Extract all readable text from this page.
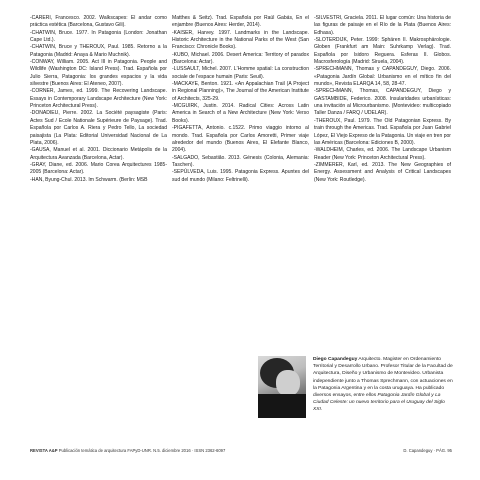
-CARERI, Francesco. 2002. Walkscapes: El andar como práctica estética (Barcelona, Gustavo Gili).

-CHATWIN, Bruce. 1977. In Patagonia (London: Jonathan Cape Ltd.).

-CHATWIN, Bruce y THEROUX, Paul. 1985. Retorno a la Patagonia (Madrid: Anaya & Mario Muchnik).

-CONWAY, William. 2005. Act III in Patagonia. People and Wildlife (Washington DC: Island Press). Trad. Española por Julio Sierra, Patagonia: los grandes espacios y la vida silvestre (Buenos Aires: El Ateneo, 2007).

-CORNER, James, ed. 1999. The Recovering Landscape. Essays in Contemporary Landscape Architecture (New York: Princeton Architectural Press).

-DONADIEU, Pierre. 2002. La Société paysagiste (Paris: Actes Sud / Ecole Nationale Supérieure de Paysage). Trad. Española por Carlos A. Riera y Pedro Tello, La sociedad paisajista (La Plata: Editorial Universidad Nacional de La Plata, 2006).

-GAUSA, Manuel et al. 2001. Diccionario Metápolis de la Arquitectura Avanzada (Barcelona, Actar).

-GRAY, Diane, ed. 2006. Mario Corea Arquitectures 1985-2005 (Barcelona: Actar).

-HAN, Byung-Chul. 2013. Im Schwarm. (Berlin: MSB

Matthes & Seitz). Trad. Española por Raúl Gabás, En el enjambre (Buenos Aires: Herder, 2014).

-KAISER, Harvey. 1997. Landmarks in the Landscape. Historic Architecture in the National Parks of the West (San Francisco: Chronicle Books).

-KUBO, Michael. 2006. Desert America: Territory of paradox (Barcelona: Actar).

-LUSSAULT, Michel. 2007. L'Homme spatial: La construction sociale de l'espace humain (Paris: Seuil).

-MACKAYE, Benton. 1921. «An Appalachian Trail (A Project in Regional Planning)», The Journal of the American Institute of Architects, 325-29.

-MCGUIRK, Justin. 2014. Radical Cities: Across Latin America in Search of a New Architecture (New York: Verso Books).

-PIGAFETTA, Antonio. c.1522. Primo viaggio intorno al mondo. Trad. Española por Carlos Amoretti, Primer viaje alrededor del mundo (Buenos Aires, El Elefante Blanco, 2004).

-SALGADO, Sebastião. 2013. Génesis (Colonia, Alemania: Taschen).

-SEPÚLVEDA, Luis. 1995. Patagonia Express. Apuntes del sud del mundo (Milano: Feltrinelli).

-SILVESTRI, Graciela. 2011. El lugar común: Una historia de las figuras de paisaje en el Río de la Plata (Buenos Aires: Edhasa).

-SLOTERDIJK, Peter. 1999: Sphären II. Makrosphärologie. Globen (Frankfurt am Main: Suhrkamp Verlag). Trad. Española por Isidoro Reguera. Esferas II. Globos. Macrosferología (Madrid: Siruela, 2004).

-SPRECHMANN, Thomas y CAPANDEGUY, Diego. 2006. «Patagonia Jardín Global: Urbanismo en el mítico fin del mundo», Revista ELARQA 14, 58, 28-47.

-SPRECHMANN, Thomas, CAPANDEGUY, Diego y GASTAMBIDE, Federico. 2008. Insularidades urbanísticas: una invitación al Microurbanismo. (Montevideo: multicopiado Taller Danza / FARQ / UDELAR).

-THEROUX, Paul. 1979. The Old Patagonian Express. By train through the Americas. Trad. Española por Juan Gabriel López, El Viejo Expreso de la Patagonia. Un viaje en tren por las Américas (Barcelona: Ediciones B, 2000).

-WALDHEIM, Charles, ed. 2006. The Landscape Urbanism Reader (New York: Princeton Architectural Press).

-ZIMMERER, Karl, ed. 2013. The New Geographies of Energy. Assessment and Analysis of Critical Landscapes (New York: Routledge).

Diego Capandeguy Arquitecto. Magister en Ordenamiento Territorial y Desarrollo Urbano. Profesor Titular de la Facultad de Arquitectura, Diseño y Urbanismo de Montevideo. Urbanista independiente junto a Thomas Sprechmann, con actuaciones en la Patagonia Argentina y en la costa uruguaya. Ha publicado diversos ensayos, entre ellos Patagonia Jardín Global y La Ciudad Celeste: un nuevo territorio para el Uruguay del Siglo XXI.
REVISTA A&P Publicación temática de arquitectura FAPyD-UNR. N.5. diciembre 2016 · ISSN 2362-6097	D. Capandeguy · PÁG. 95
